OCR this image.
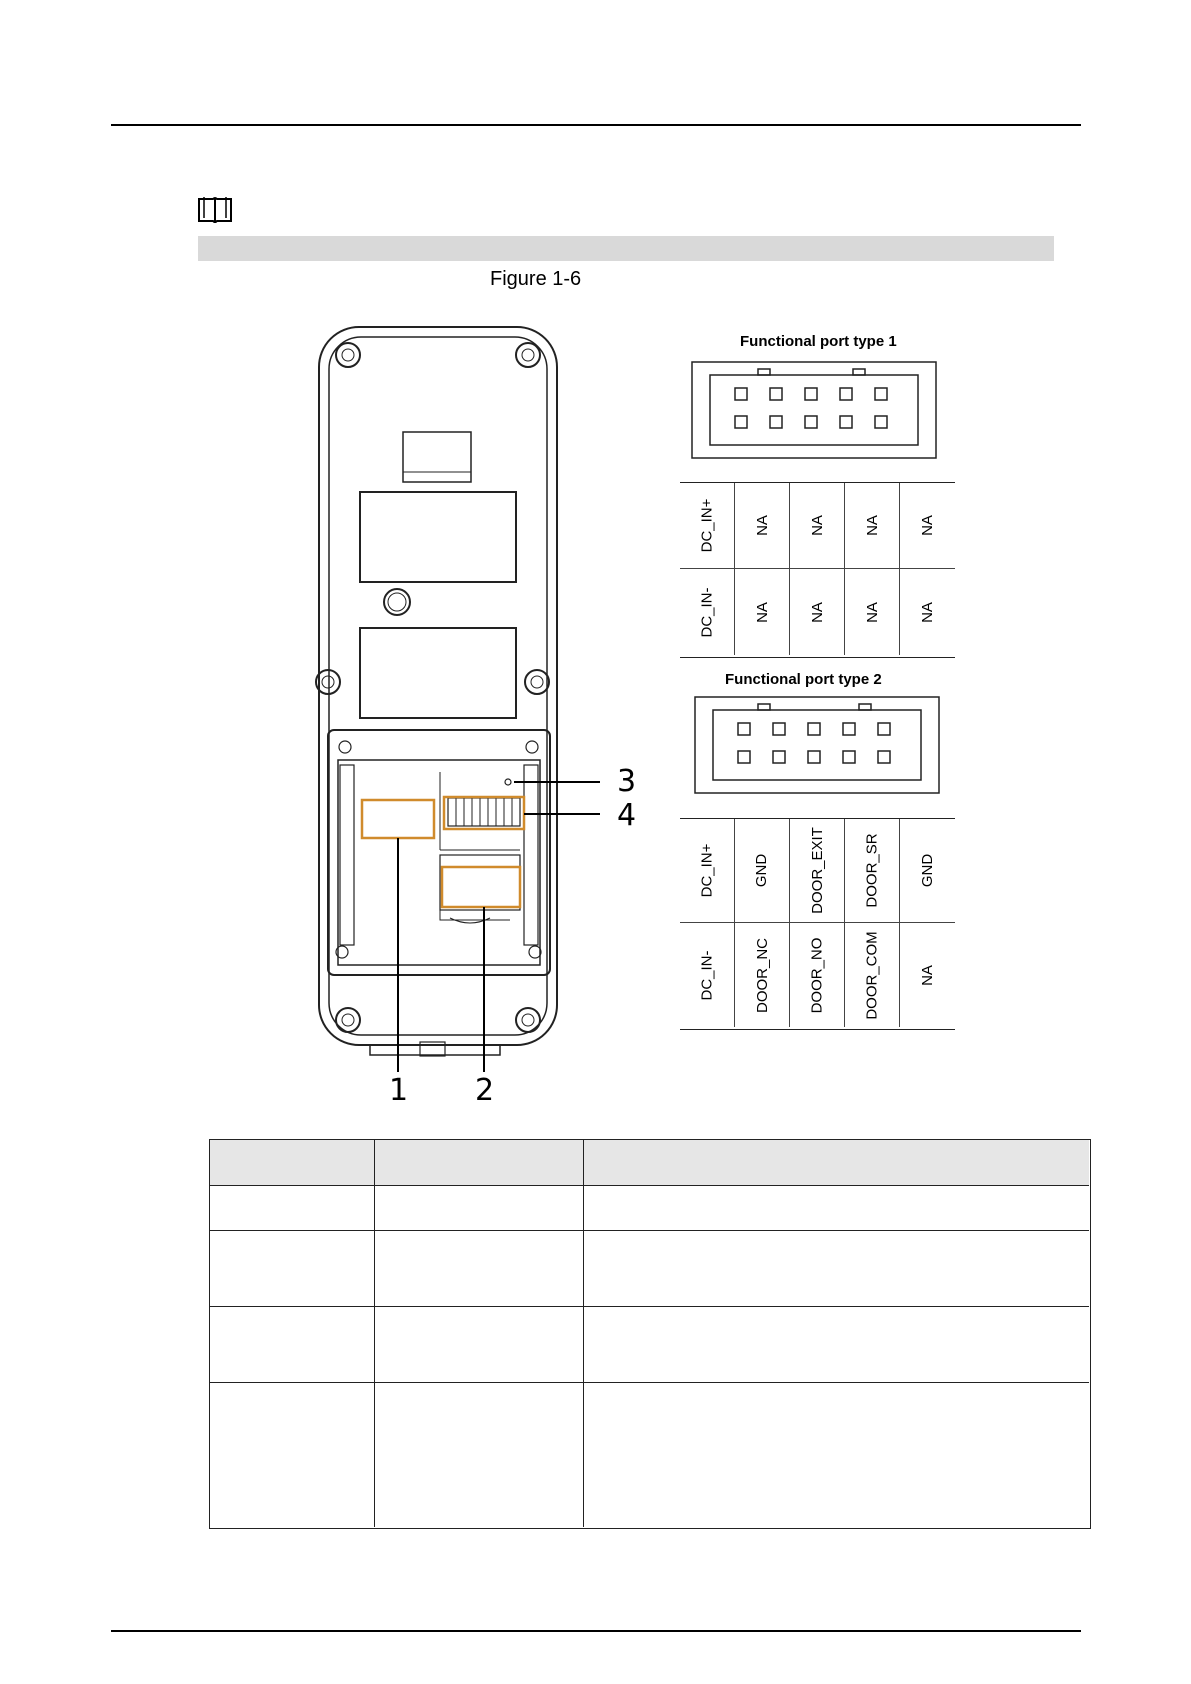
Figure 1-6
1 2
3
4
Functional port type 1
DC_IN+	NA	NA	NA	NA
DC_IN-	NA	NA	NA	NA
Functional port type 2
DC_IN+	GND	DOOR_EXIT	DOOR_SR	GND
DC_IN-	DOOR_NC	DOOR_NO	DOOR_COM	NA
